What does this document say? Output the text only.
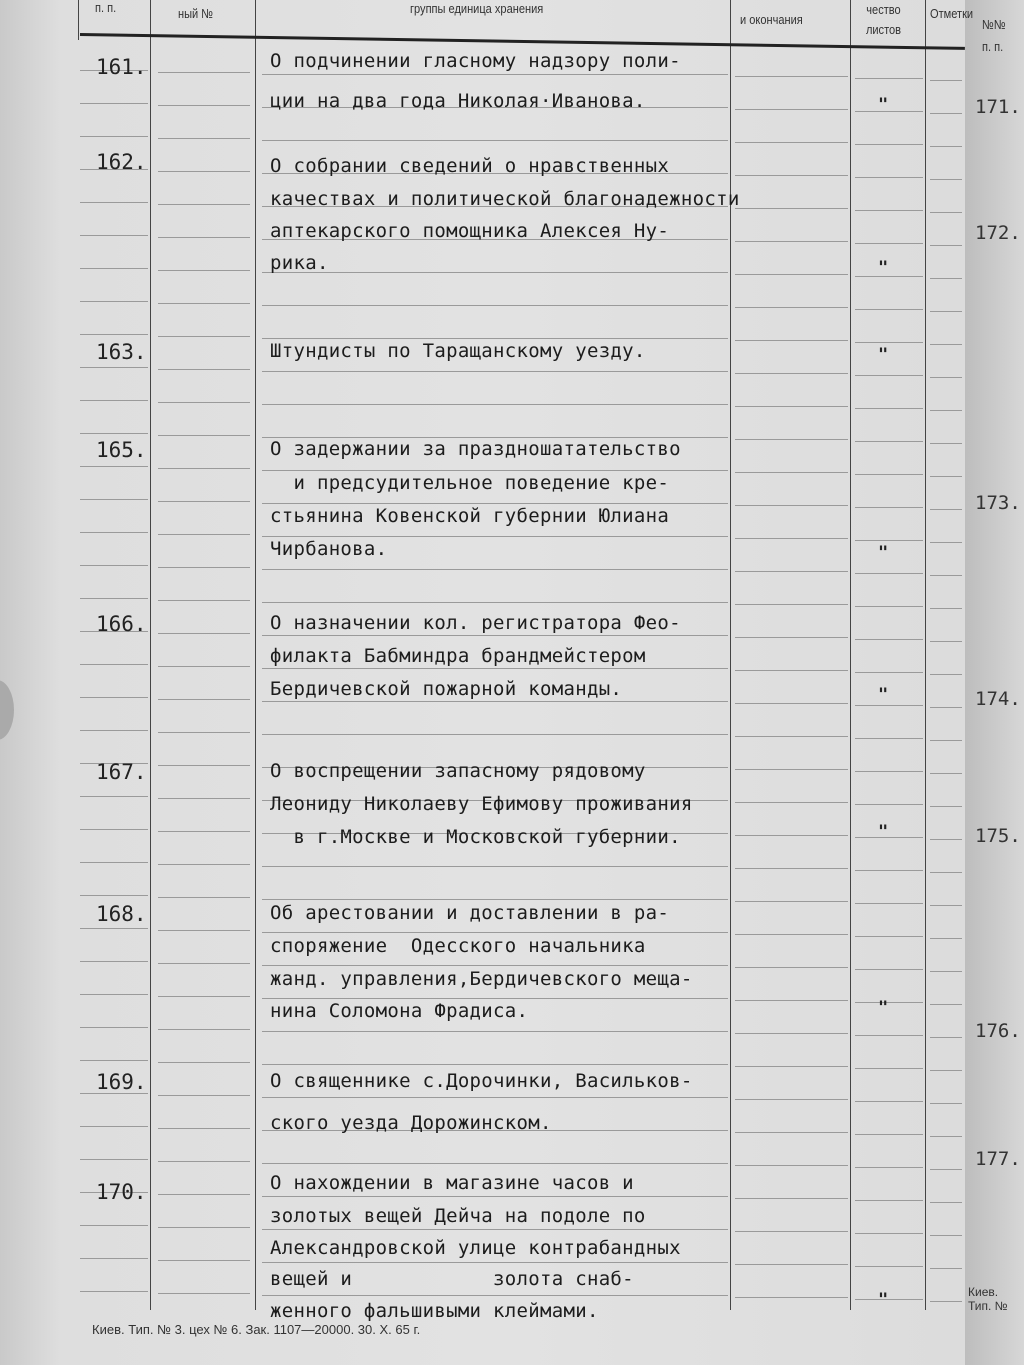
п. п.	ный №	группы единица хранения
и окончания
чество листов
Отметки
№№ п. п.
161.	О подчинении гласному надзору поли-
ции на два года Николая·Иванова.	"
162.	О собрании сведений о нравственных
качествах и политической благонадежности
аптекарского помощника Алексея Ну-
рика.	"
163.	Штундисты по Таращанскому уезду.	"
165.	О задержании за праздношатательство
и предсудительное поведение кре-
стьянина Ковенской губернии Юлиана
Чирбанова.	"
166.	О назначении кол. регистратора Фео-
филакта Бабминдра брандмейстером
Бердичевской пожарной команды.	"
167.	О воспрещении запасному рядовому
Леониду Николаеву Ефимову проживания
в г.Москве и Московской губернии.	"
168.	Об арестовании и доставлении в ра-
споряжение  Одесского начальника
жанд. управления,Бердичевского меща-
нина Соломона Фрадиса.	"
169.	О священнике с.Дорочинки, Васильков-
ского уезда Дорожинском.
170.	О нахождении в магазине часов и
золотых вещей Дейча на подоле по
Александровской улице контрабандных
вещей и            золота снаб-
женного фальшивыми клеймами.	"
171.
172.
173.
174.
175.
176.
177.
Киев. Тип. № 3. цех № 6. Зак. 1107—20000. 30. X. 65 г.
Киев. Тип. №
